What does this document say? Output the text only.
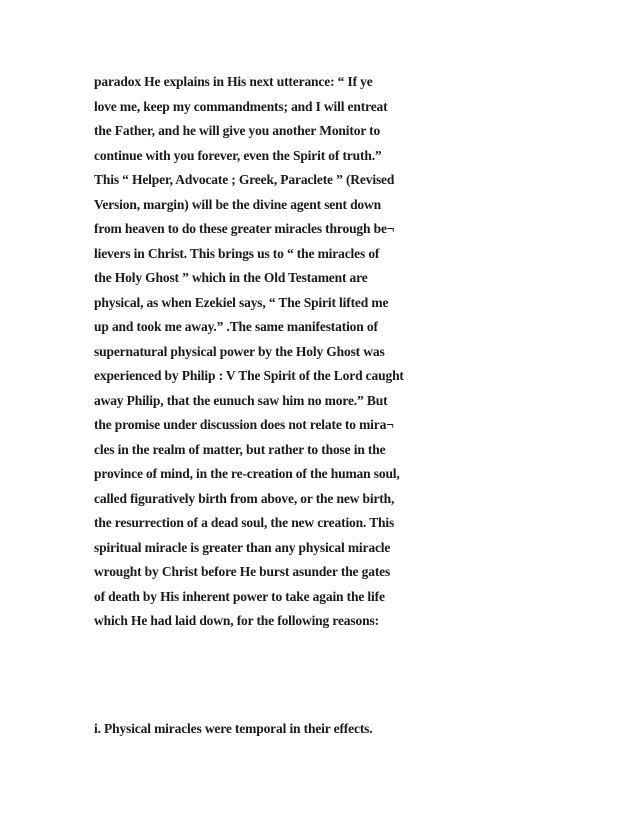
paradox He explains in His next utterance: “ If ye
love me, keep my commandments; and I will entreat
the Father, and he will give you another Monitor to
continue with you forever, even the Spirit of truth.”
This “ Helper, Advocate ; Greek, Paraclete ” (Revised
Version, margin) will be the divine agent sent down
from heaven to do these greater miracles through be¬
lievers in Christ. This brings us to “ the miracles of
the Holy Ghost ” which in the Old Testament are
physical, as when Ezekiel says, “ The Spirit lifted me
up and took me away.” .The same manifestation of
supernatural physical power by the Holy Ghost was
experienced by Philip : V The Spirit of the Lord caught
away Philip, that the eunuch saw him no more.” But
the promise under discussion does not relate to mira¬
cles in the realm of matter, but rather to those in the
province of mind, in the re-creation of the human soul,
called figuratively birth from above, or the new birth,
the resurrection of a dead soul, the new creation. This
spiritual miracle is greater than any physical miracle
wrought by Christ before He burst asunder the gates
of death by His inherent power to take again the life
which He had laid down, for the following reasons:
i. Physical miracles were temporal in their effects.
